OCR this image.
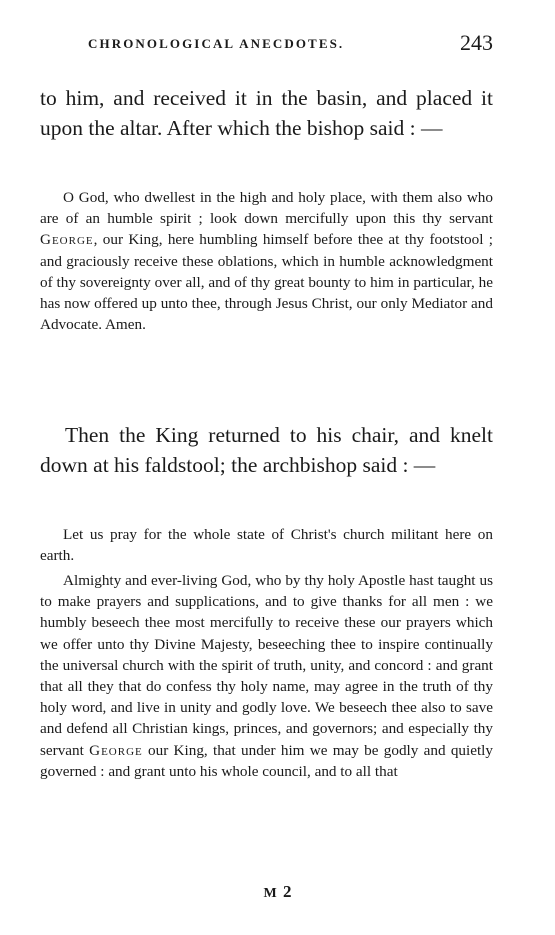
CHRONOLOGICAL ANECDOTES.	243

to him, and received it in the basin, and placed it upon the altar. After which the bishop said : —

O God, who dwellest in the high and holy place, with them also who are of an humble spirit ; look down mercifully upon this thy servant George, our King, here humbling himself before thee at thy footstool ; and graciously receive these oblations, which in humble acknowledgment of thy sovereignty over all, and of thy great bounty to him in particular, he has now offered up unto thee, through Jesus Christ, our only Mediator and Advocate. Amen.

Then the King returned to his chair, and knelt down at his faldstool; the archbishop said : —

Let us pray for the whole state of Christ's church militant here on earth.

Almighty and ever-living God, who by thy holy Apostle hast taught us to make prayers and supplications, and to give thanks for all men : we humbly beseech thee most mercifully to receive these our prayers which we offer unto thy Divine Majesty, beseeching thee to inspire continually the universal church with the spirit of truth, unity, and concord : and grant that all they that do confess thy holy name, may agree in the truth of thy holy word, and live in unity and godly love. We beseech thee also to save and defend all Christian kings, princes, and governors; and especially thy servant George our King, that under him we may be godly and quietly governed : and grant unto his whole council, and to all that

M 2
